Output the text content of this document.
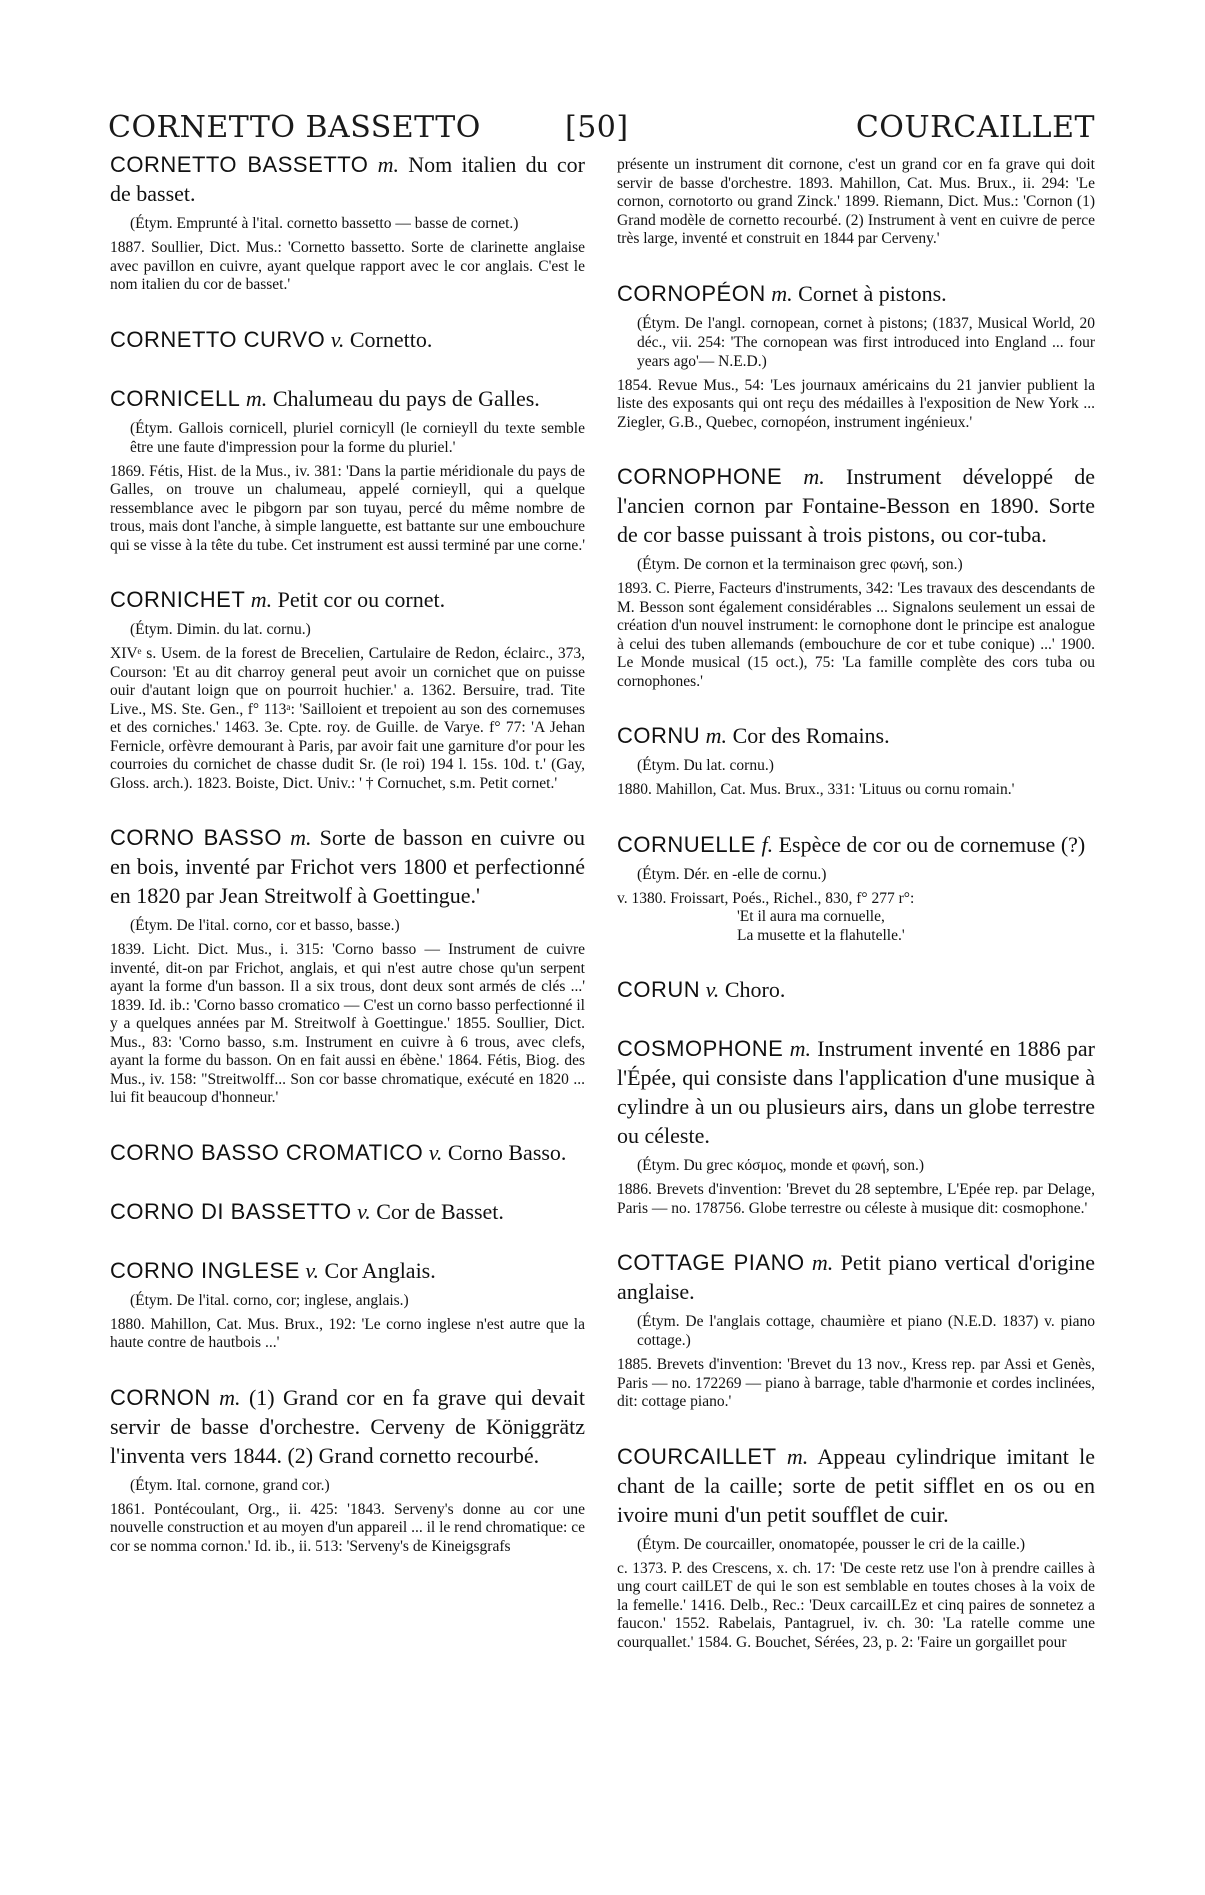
CORNETTO BASSETTO	[50]	COURCAILLET

CORNETTO BASSETTO m. Nom italien du cor de basset.

(Étym. Emprunté à l'ital. cornetto bassetto — basse de cornet.)

1887. Soullier, Dict. Mus.: 'Cornetto bassetto. Sorte de clarinette anglaise avec pavillon en cuivre, ayant quelque rapport avec le cor anglais. C'est le nom italien du cor de basset.'

CORNETTO CURVO v. Cornetto.

CORNICELL m. Chalumeau du pays de Galles.

(Étym. Gallois cornicell, pluriel cornicyll (le cornieyll du texte semble être une faute d'impression pour la forme du pluriel.'

1869. Fétis, Hist. de la Mus., iv. 381: 'Dans la partie méridionale du pays de Galles, on trouve un chalumeau, appelé cornieyll, qui a quelque ressemblance avec le pibgorn par son tuyau, percé du même nombre de trous, mais dont l'anche, à simple languette, est battante sur une embouchure qui se visse à la tête du tube. Cet instrument est aussi terminé par une corne.'

CORNICHET m. Petit cor ou cornet.

(Étym. Dimin. du lat. cornu.)

XIVᵉ s. Usem. de la forest de Brecelien, Cartulaire de Redon, éclairc., 373, Courson: 'Et au dit charroy general peut avoir un cornichet que on puisse ouir d'autant loign que on pourroit huchier.' a. 1362. Bersuire, trad. Tite Live., MS. Ste. Gen., f° 113ᵃ: 'Sailloient et trepoient au son des cornemuses et des corniches.' 1463. 3e. Cpte. roy. de Guille. de Varye. f° 77: 'A Jehan Fernicle, orfèvre demourant à Paris, par avoir fait une garniture d'or pour les courroies du cornichet de chasse dudit Sr. (le roi) 194 l. 15s. 10d. t.' (Gay, Gloss. arch.). 1823. Boiste, Dict. Univ.: ' † Cornuchet, s.m. Petit cornet.'

CORNO BASSO m. Sorte de basson en cuivre ou en bois, inventé par Frichot vers 1800 et perfectionné en 1820 par Jean Streitwolf à Goettingue.'

(Étym. De l'ital. corno, cor et basso, basse.)

1839. Licht. Dict. Mus., i. 315: 'Corno basso — Instrument de cuivre inventé, dit-on par Frichot, anglais, et qui n'est autre chose qu'un serpent ayant la forme d'un basson. Il a six trous, dont deux sont armés de clés ...' 1839. Id. ib.: 'Corno basso cromatico — C'est un corno basso perfectionné il y a quelques années par M. Streitwolf à Goettingue.' 1855. Soullier, Dict. Mus., 83: 'Corno basso, s.m. Instrument en cuivre à 6 trous, avec clefs, ayant la forme du basson. On en fait aussi en ébène.' 1864. Fétis, Biog. des Mus., iv. 158: "Streitwolff... Son cor basse chromatique, exécuté en 1820 ... lui fit beaucoup d'honneur.'

CORNO BASSO CROMATICO v. Corno Basso.

CORNO DI BASSETTO v. Cor de Basset.

CORNO INGLESE v. Cor Anglais.

(Étym. De l'ital. corno, cor; inglese, anglais.)

1880. Mahillon, Cat. Mus. Brux., 192: 'Le corno inglese n'est autre que la haute contre de hautbois ...'

CORNON m. (1) Grand cor en fa grave qui devait servir de basse d'orchestre. Cerveny de Königgrätz l'inventa vers 1844. (2) Grand cornetto recourbé.

(Étym. Ital. cornone, grand cor.)

1861. Pontécoulant, Org., ii. 425: '1843. Serveny's donne au cor une nouvelle construction et au moyen d'un appareil ... il le rend chromatique: ce cor se nomma cornon.' Id. ib., ii. 513: 'Serveny's de Kineigsgrafs

présente un instrument dit cornone, c'est un grand cor en fa grave qui doit servir de basse d'orchestre. 1893. Mahillon, Cat. Mus. Brux., ii. 294: 'Le cornon, cornotorto ou grand Zinck.' 1899. Riemann, Dict. Mus.: 'Cornon (1) Grand modèle de cornetto recourbé. (2) Instrument à vent en cuivre de perce très large, inventé et construit en 1844 par Cerveny.'

CORNOPÉON m. Cornet à pistons.

(Étym. De l'angl. cornopean, cornet à pistons; (1837, Musical World, 20 déc., vii. 254: 'The cornopean was first introduced into England ... four years ago'— N.E.D.)

1854. Revue Mus., 54: 'Les journaux américains du 21 janvier publient la liste des exposants qui ont reçu des médailles à l'exposition de New York ... Ziegler, G.B., Quebec, cornopéon, instrument ingénieux.'

CORNOPHONE m. Instrument développé de l'ancien cornon par Fontaine-Besson en 1890. Sorte de cor basse puissant à trois pistons, ou cor-tuba.

(Étym. De cornon et la terminaison grec φωνή, son.)

1893. C. Pierre, Facteurs d'instruments, 342: 'Les travaux des descendants de M. Besson sont également considérables ... Signalons seulement un essai de création d'un nouvel instrument: le cornophone dont le principe est analogue à celui des tuben allemands (embouchure de cor et tube conique) ...' 1900. Le Monde musical (15 oct.), 75: 'La famille complète des cors tuba ou cornophones.'

CORNU m. Cor des Romains.

(Étym. Du lat. cornu.)

1880. Mahillon, Cat. Mus. Brux., 331: 'Lituus ou cornu romain.'

CORNUELLE f. Espèce de cor ou de cornemuse (?)

(Étym. Dér. en -elle de cornu.)

v. 1380. Froissart, Poés., Richel., 830, f° 277 r°:

'Et il aura ma cornuelle,

La musette et la flahutelle.'

CORUN v. Choro.

COSMOPHONE m. Instrument inventé en 1886 par l'Épée, qui consiste dans l'application d'une musique à cylindre à un ou plusieurs airs, dans un globe terrestre ou céleste.

(Étym. Du grec κόσμος, monde et φωνή, son.)

1886. Brevets d'invention: 'Brevet du 28 septembre, L'Epée rep. par Delage, Paris — no. 178756. Globe terrestre ou céleste à musique dit: cosmophone.'

COTTAGE PIANO m. Petit piano vertical d'origine anglaise.

(Étym. De l'anglais cottage, chaumière et piano (N.E.D. 1837) v. piano cottage.)

1885. Brevets d'invention: 'Brevet du 13 nov., Kress rep. par Assi et Genès, Paris — no. 172269 — piano à barrage, table d'harmonie et cordes inclinées, dit: cottage piano.'

COURCAILLET m. Appeau cylindrique imitant le chant de la caille; sorte de petit sifflet en os ou en ivoire muni d'un petit soufflet de cuir.

(Étym. De courcailler, onomatopée, pousser le cri de la caille.)

c. 1373. P. des Crescens, x. ch. 17: 'De ceste retz use l'on à prendre cailles à ung court cailLET de qui le son est semblable en toutes choses à la voix de la femelle.' 1416. Delb., Rec.: 'Deux carcailLEz et cinq paires de sonnetez a faucon.' 1552. Rabelais, Pantagruel, iv. ch. 30: 'La ratelle comme une courquallet.' 1584. G. Bouchet, Sérées, 23, p. 2: 'Faire un gorgaillet pour
